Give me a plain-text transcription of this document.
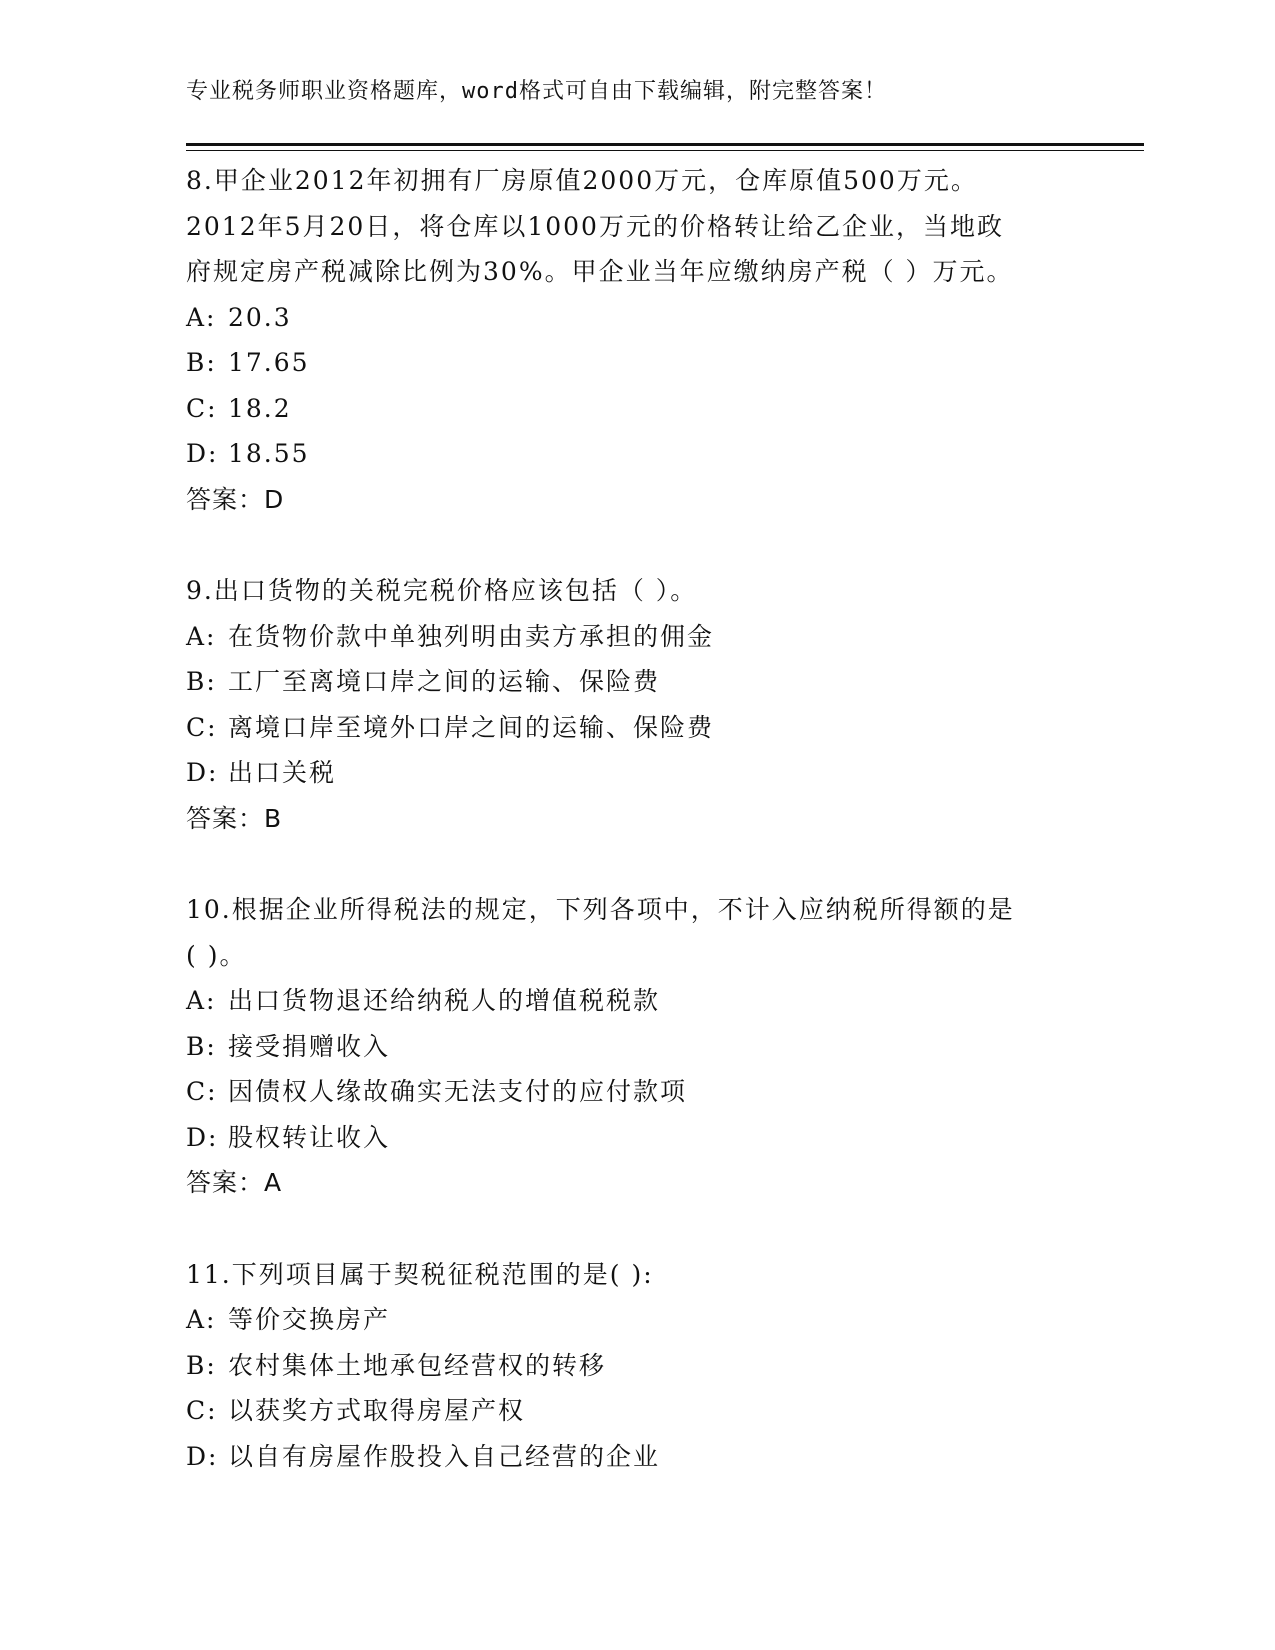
专业税务师职业资格题库，word格式可自由下载编辑，附完整答案！
8.甲企业2012年初拥有厂房原值2000万元，仓库原值500万元。
2012年5月20日，将仓库以1000万元的价格转让给乙企业，当地政
府规定房产税减除比例为30%。甲企业当年应缴纳房产税（ ）万元。
A: 20.3
B: 17.65
C: 18.2
D: 18.55
答案：D
9.出口货物的关税完税价格应该包括（ ）。
A: 在货物价款中单独列明由卖方承担的佣金
B: 工厂至离境口岸之间的运输、保险费
C: 离境口岸至境外口岸之间的运输、保险费
D: 出口关税
答案：B
10.根据企业所得税法的规定，下列各项中，不计入应纳税所得额的是
( )。
A: 出口货物退还给纳税人的增值税税款
B: 接受捐赠收入
C: 因债权人缘故确实无法支付的应付款项
D: 股权转让收入
答案：A
11.下列项目属于契税征税范围的是( ):
A: 等价交换房产
B: 农村集体土地承包经营权的转移
C: 以获奖方式取得房屋产权
D: 以自有房屋作股投入自己经营的企业
